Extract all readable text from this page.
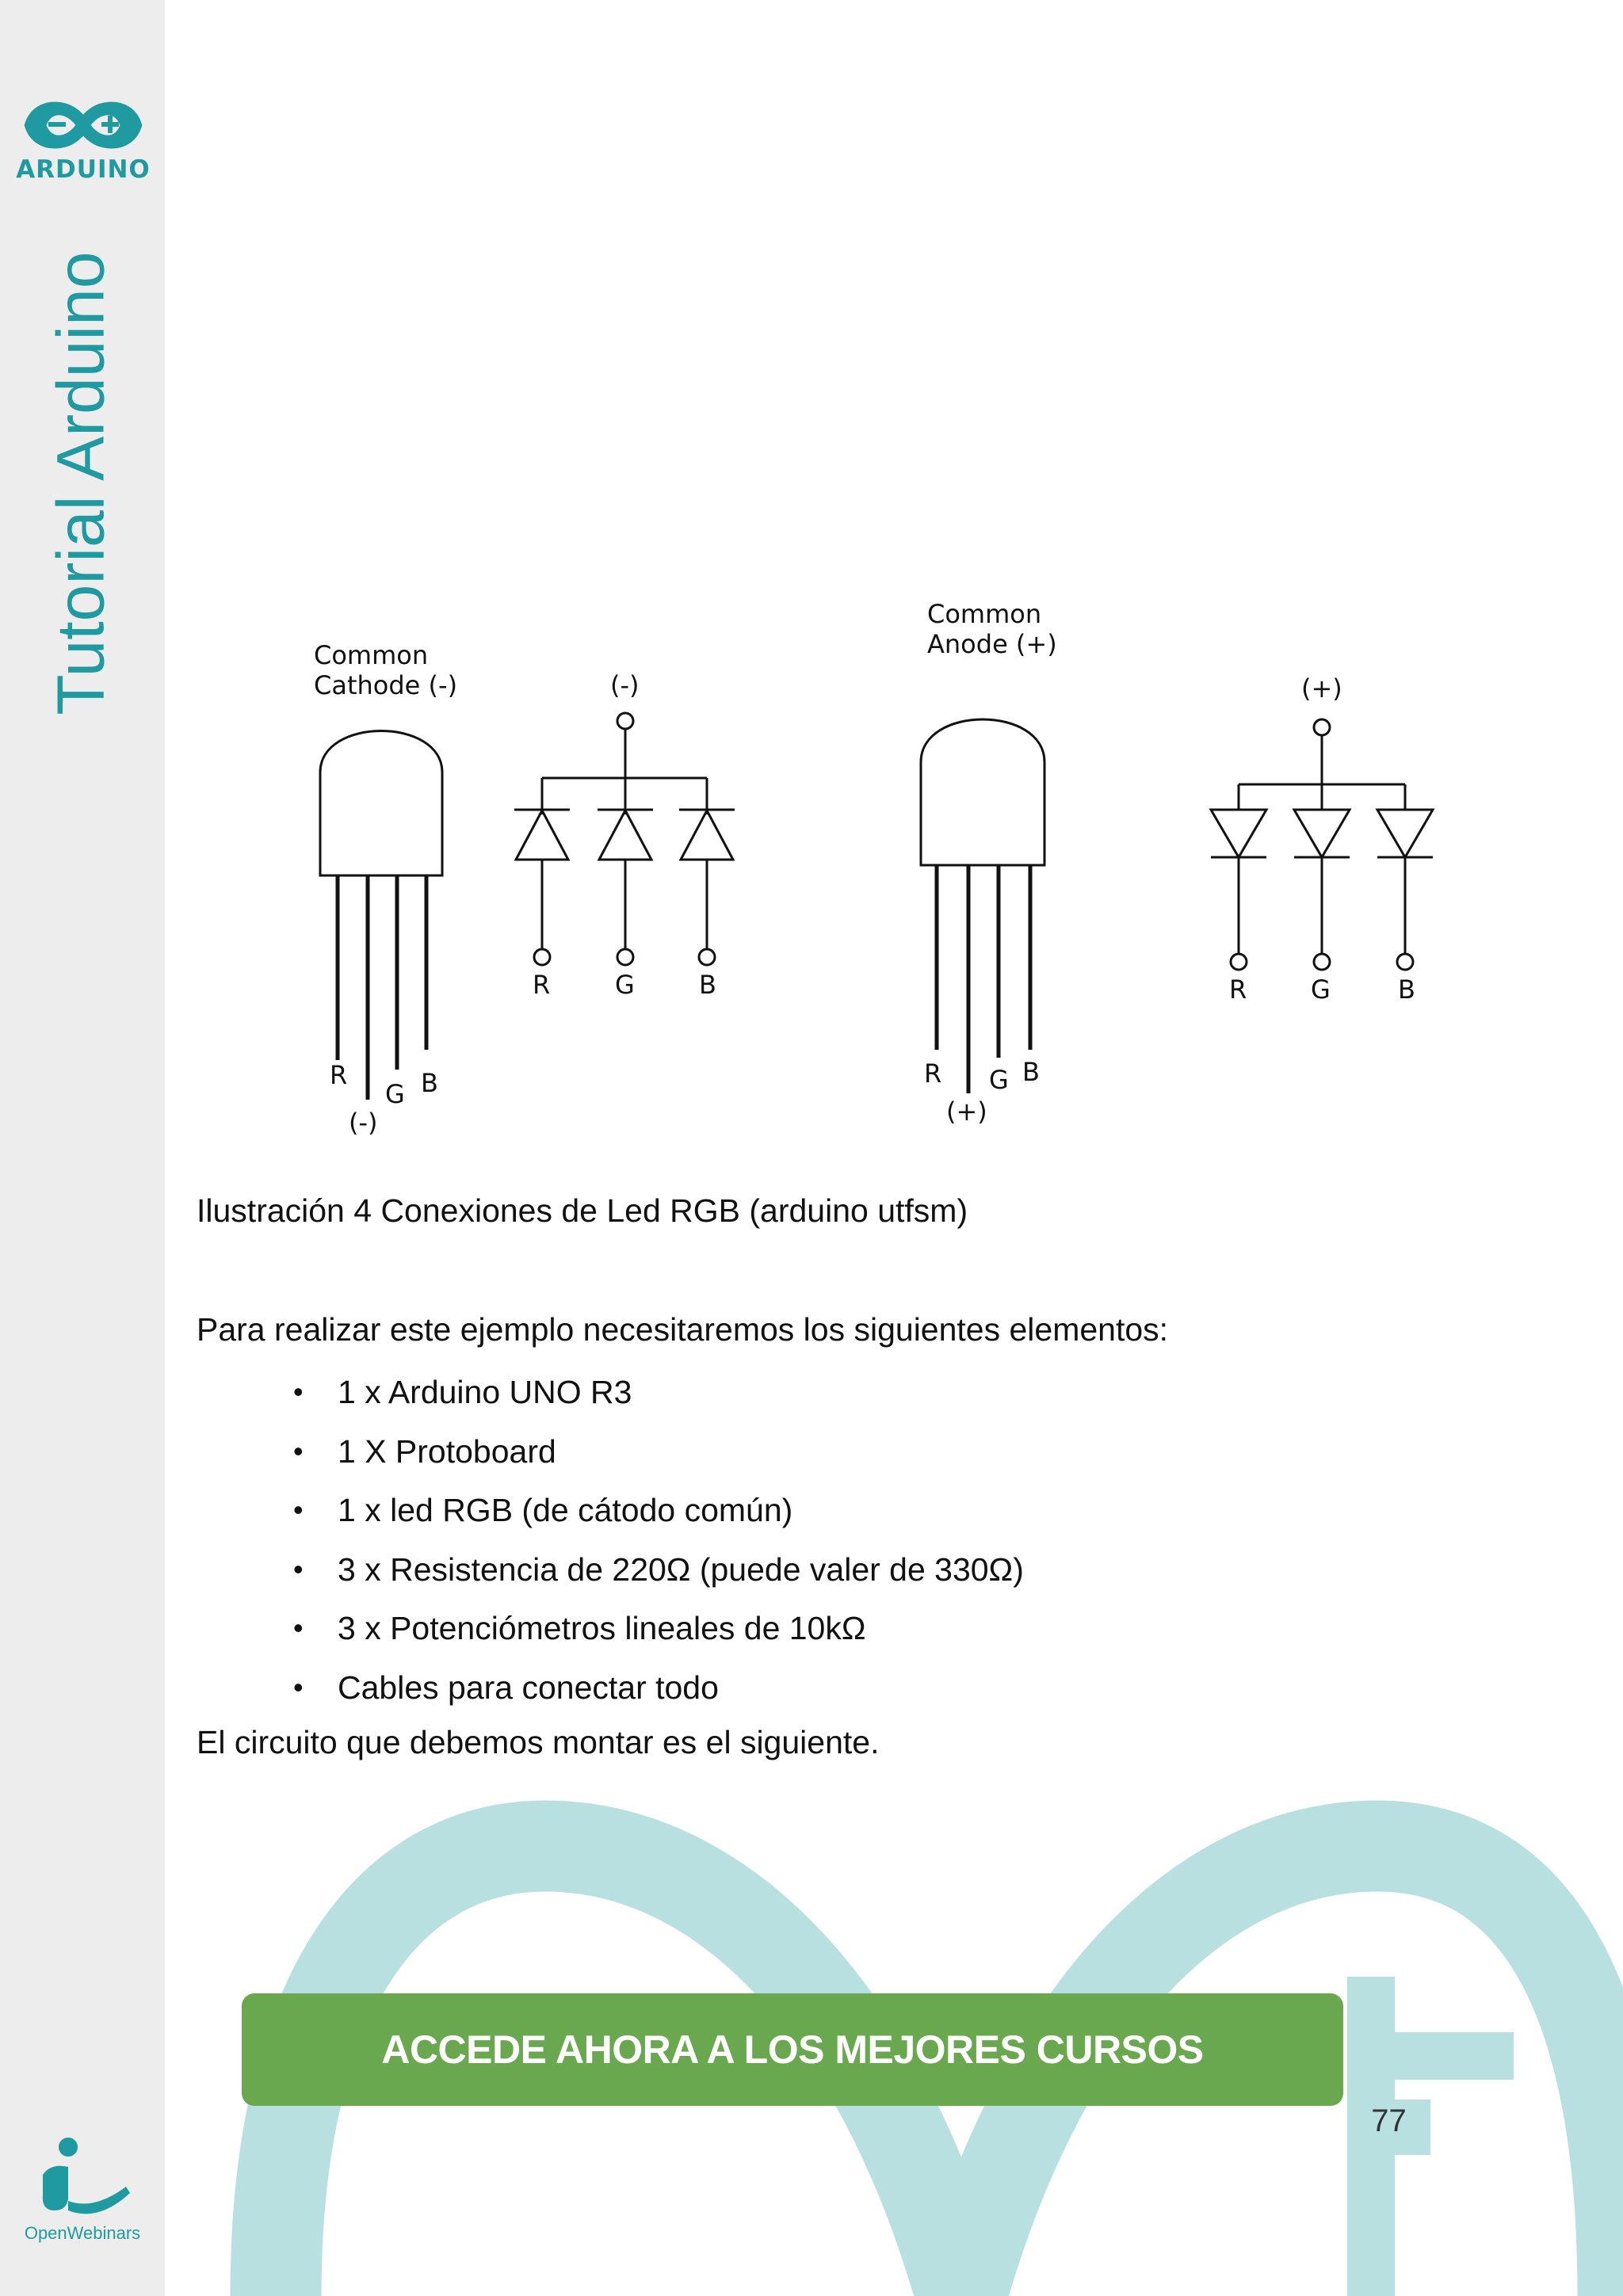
ARDUINO
Tutorial Arduino
OpenWebinars
Common
Cathode (-)
R
G B
(-)
(-)
R	G	B
Common
Anode (+)
R G B
(+)
(+)
R	G	B
Ilustración 4 Conexiones de Led RGB (arduino utfsm)
Para realizar este ejemplo necesitaremos los siguientes elementos:
• 1 x Arduino UNO R3
• 1 X Protoboard
• 1 x led RGB (de cátodo común)
• 3 x Resistencia de 220Ω (puede valer de 330Ω)
• 3 x Potenciómetros lineales de 10kΩ
• Cables para conectar todo
El circuito que debemos montar es el siguiente.
ACCEDE AHORA A LOS MEJORES CURSOS
77
